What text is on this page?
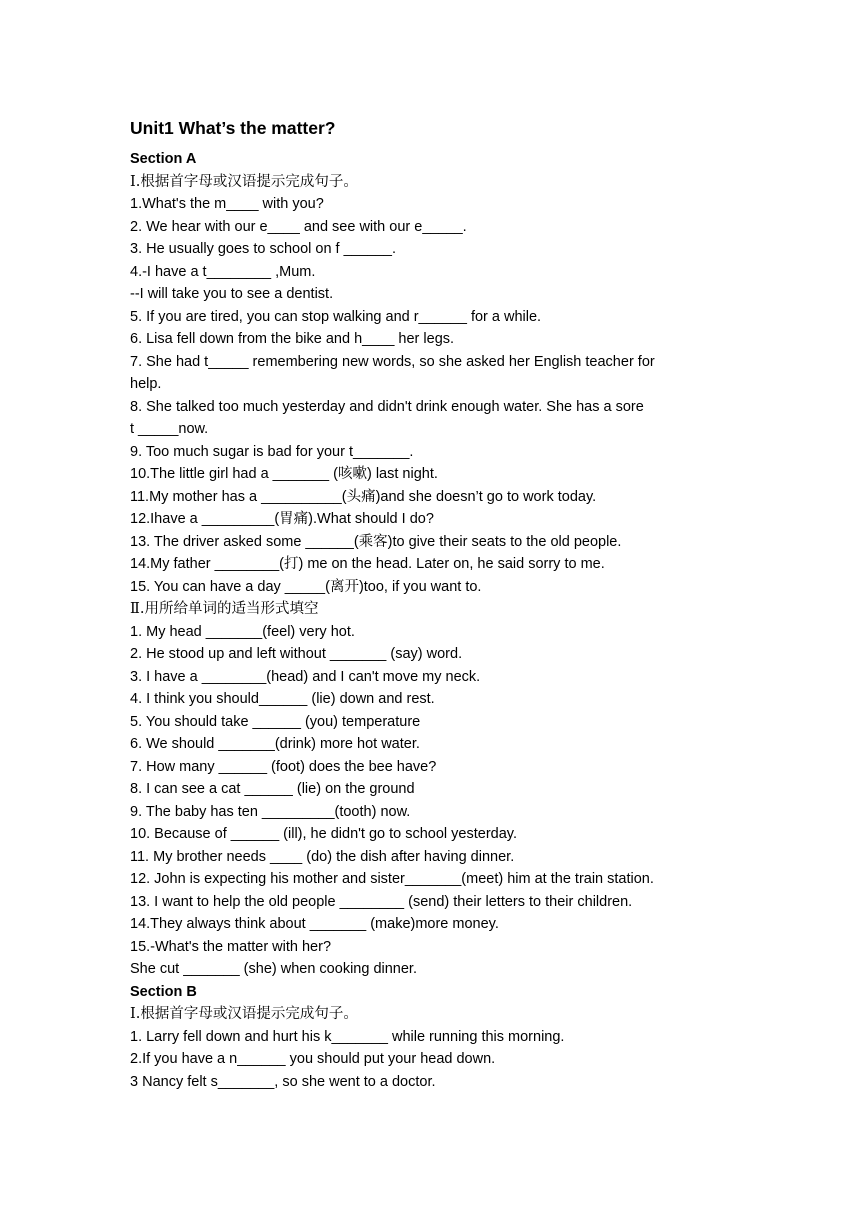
Unit1 What’s the matter?
Section A
I.根据首字母或汉语提示完成句子。
1.What's the m____ with you?
2. We hear with our e____ and see with our e_____.
3. He usually goes to school on f ______.
4.-I have a t________ ,Mum.
--I will take you to see a dentist.
5. If you are tired, you can stop walking and r______ for a while.
6. Lisa fell down from the bike and h____ her legs.
7. She had t_____ remembering new words, so she asked her English teacher for
help.
8. She talked too much yesterday and didn't drink enough water. She has a sore
t _____now.
9. Too much sugar is bad for your t_______.
10.The little girl had a _______ (咳嗽) last night.
11.My mother has a __________(头痛)and she doesn’t go to work today.
12.Ihave a _________(胃痛).What should I do?
13. The driver asked some ______(乘客)to give their seats to the old people.
14.My father ________(打) me on the head. Later on, he said sorry to me.
15. You can have a day _____(离开)too, if you want to.
Ⅱ.用所给单词的适当形式填空
1. My head _______(feel) very hot.
2. He stood up and left without _______ (say) word.
3. I have a ________(head) and I can't move my neck.
4. I think you should______ (lie) down and rest.
5. You should take ______ (you) temperature
6. We should _______(drink) more hot water.
7. How many ______ (foot) does the bee have?
8. I can see a cat ______ (lie) on the ground
9. The baby has ten _________(tooth) now.
10. Because of ______ (ill), he didn't go to school yesterday.
11. My brother needs ____ (do) the dish after having dinner.
12. John is expecting his mother and sister_______(meet) him at the train station.
13. I want to help the old people ________ (send) their letters to their children.
14.They always think about _______ (make)more money.
15.-What's the matter with her?
She cut _______ (she) when cooking dinner.
Section B
I.根据首字母或汉语提示完成句子。
1. Larry fell down and hurt his k_______ while running this morning.
2.If you have a n______ you should put your head down.
3 Nancy felt s_______, so she went to a doctor.
